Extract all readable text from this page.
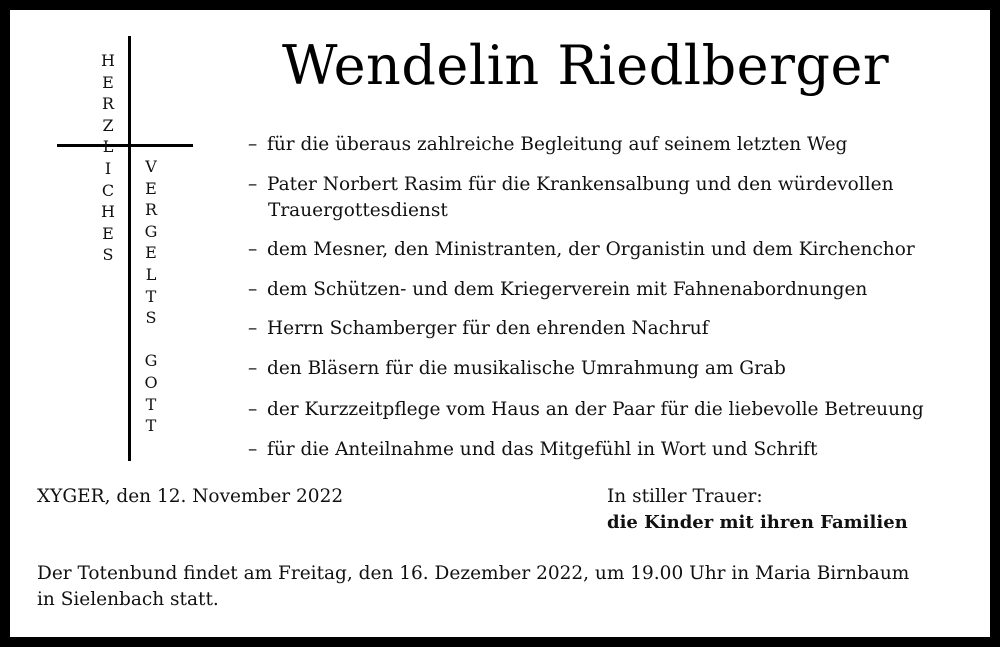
H
E
R
Z
L
I
C
H
E
S
V
E
R
G
E
L
T
S

G
O
T
T
Wendelin Riedlberger
– für die überaus zahlreiche Begleitung auf seinem letzten Weg
– Pater Norbert Rasim für die Krankensalbung und den würdevollen
Trauergottesdienst
– dem Mesner, den Ministranten, der Organistin und dem Kirchenchor
– dem Schützen- und dem Kriegerverein mit Fahnenabordnungen
– Herrn Schamberger für den ehrenden Nachruf
– den Bläsern für die musikalische Umrahmung am Grab
– der Kurzzeitpflege vom Haus an der Paar für die liebevolle Betreuung
– für die Anteilnahme und das Mitgefühl in Wort und Schrift
XYGER, den 12. November 2022	In stiller Trauer:
die Kinder mit ihren Familien
Der Totenbund findet am Freitag, den 16. Dezember 2022, um 19.00 Uhr in Maria Birnbaum
in Sielenbach statt.
